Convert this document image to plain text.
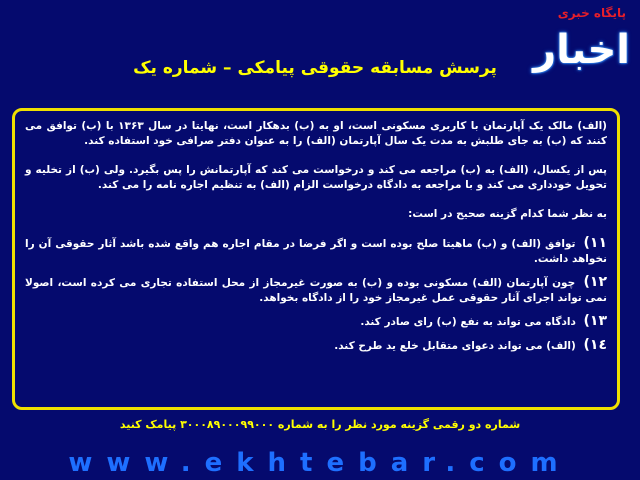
پایگاه خبری
اخبار
پرسش مسابقه حقوقی پیامکی – شماره یک

(الف) مالک یک آپارتمان با کاربری مسکونی است، او به (ب) بدهکار است، نهایتا در سال ۱۳۶۳ با (ب) توافق می کنند که (ب) به جای طلبش به مدت یک سال آپارتمان (الف) را به عنوان دفتر صرافی خود استفاده کند.

پس از یکسال، (الف) به (ب) مراجعه می کند و درخواست می کند که آپارتمانش را پس بگیرد. ولی (ب) از تخلیه و تحویل خودداری می کند و با مراجعه به دادگاه درخواست الزام (الف) به تنظیم اجاره نامه را می کند.

به نظر شما کدام گزینه صحیح در است:

۱۱) توافق (الف) و (ب) ماهیتا صلح بوده است و اگر فرضا در مقام اجاره هم واقع شده باشد آثار حقوقی آن را نخواهد داشت.

۱۲) چون آپارتمان (الف) مسکونی بوده و (ب) به صورت غیرمجاز از محل استفاده تجاری می کرده است، اصولا نمی تواند اجرای آثار حقوقی عمل غیرمجاز خود را از دادگاه بخواهد.

۱۳) دادگاه می تواند به نفع (ب) رای صادر کند.

۱٤) (الف) می تواند دعوای متقابل خلع ید طرح کند.

شماره دو رقمی گزینه مورد نظر را به شماره ۳۰۰۰۸۹۰۰۰۹۹۰۰۰ پیامک کنید
www.ekhtebar.com
